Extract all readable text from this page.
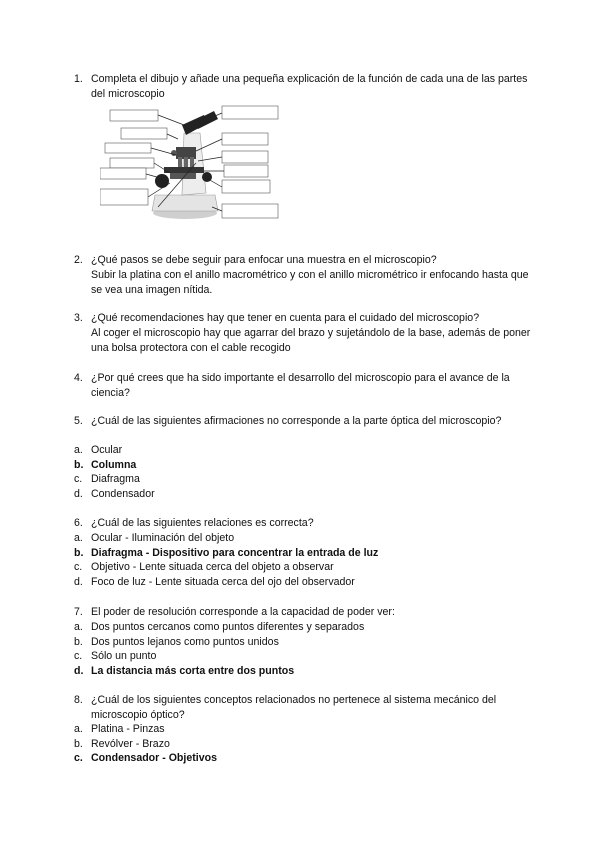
1. Completa el dibujo y añade una pequeña explicación de la función de cada una de las partes del microscopio
2. ¿Qué pasos se debe seguir para enfocar una muestra en el microscopio?
Subir la platina con el anillo macrométrico y con el anillo micrométrico ir enfocando hasta que se vea una imagen nítida.
3. ¿Qué recomendaciones hay que tener en cuenta para el cuidado del microscopio?
Al coger el microscopio hay que agarrar del brazo y sujetándolo de la base, además de poner una bolsa protectora con el cable recogido
4. ¿Por qué crees que ha sido importante el desarrollo del microscopio para el avance de la ciencia?
5. ¿Cuál de las siguientes afirmaciones no corresponde a la parte óptica del microscopio?
a. Ocular
b. Columna
c. Diafragma
d. Condensador
6. ¿Cuál de las siguientes relaciones es correcta?
a. Ocular - Iluminación del objeto
b. Diafragma - Dispositivo para concentrar la entrada de luz
c. Objetivo - Lente situada cerca del objeto a observar
d. Foco de luz - Lente situada cerca del ojo del observador
7. El poder de resolución corresponde a la capacidad de poder ver:
a. Dos puntos cercanos como puntos diferentes y separados
b. Dos puntos lejanos como puntos unidos
c. Sólo un punto
d. La distancia más corta entre dos puntos
8. ¿Cuál de los siguientes conceptos relacionados no pertenece al sistema mecánico del microscopio óptico?
a. Platina - Pinzas
b. Revólver - Brazo
c. Condensador - Objetivos
